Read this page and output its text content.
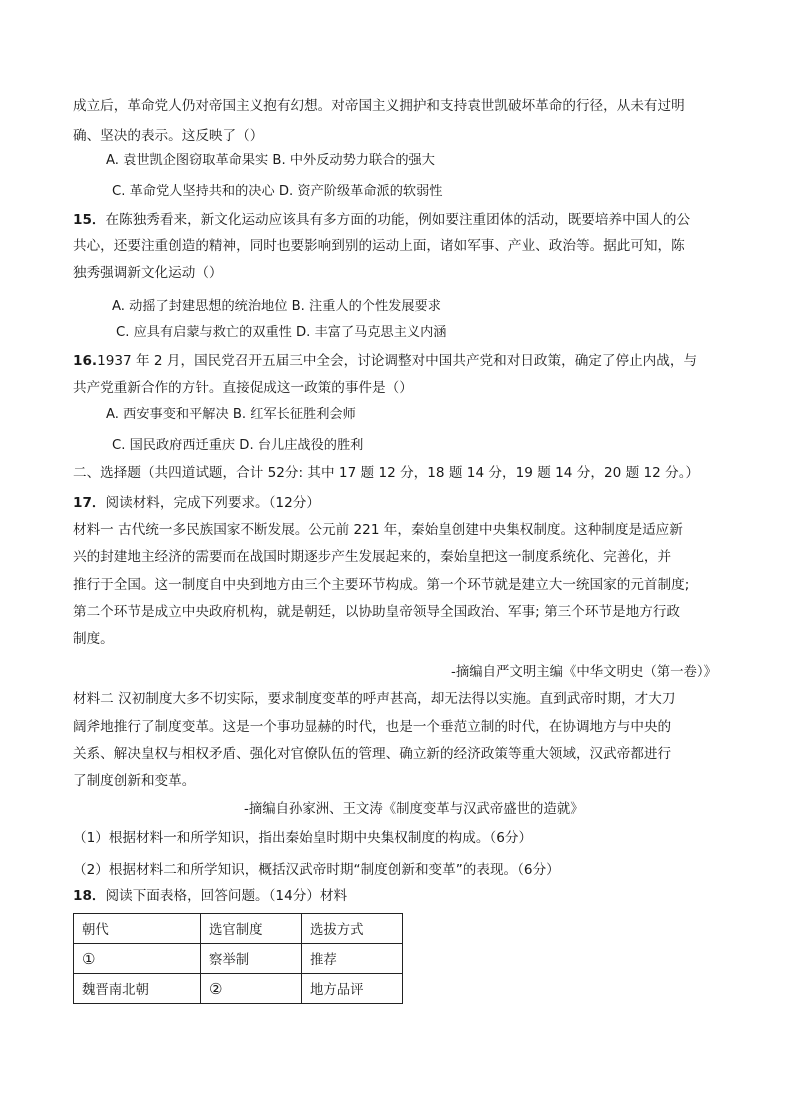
成立后，革命党人仍对帝国主义抱有幻想。对帝国主义拥护和支持袁世凯破坏革命的行径，从未有过明
确、坚决的表示。这反映了（）
A. 袁世凯企图窃取革命果实 B. 中外反动势力联合的强大
C. 革命党人坚持共和的决心 D. 资产阶级革命派的软弱性
15．在陈独秀看来，新文化运动应该具有多方面的功能，例如要注重团体的活动，既要培养中国人的公
共心，还要注重创造的精神，同时也要影响到别的运动上面，诸如军事、产业、政治等。据此可知，陈
独秀强调新文化运动（）
A. 动摇了封建思想的统治地位 B. 注重人的个性发展要求
C. 应具有启蒙与救亡的双重性 D. 丰富了马克思主义内涵
16.1937 年 2 月，国民党召开五届三中全会，讨论调整对中国共产党和对日政策，确定了停止内战，与
共产党重新合作的方针。直接促成这一政策的事件是（）
A. 西安事变和平解决 B. 红军长征胜利会师
C. 国民政府西迁重庆 D. 台儿庄战役的胜利
二、选择题（共四道试题，合计 52分: 其中 17 题 12 分，18 题 14 分，19 题 14 分，20 题 12 分。）
17．阅读材料，完成下列要求。（12分）
材料一 古代统一多民族国家不断发展。公元前 221 年，秦始皇创建中央集权制度。这种制度是适应新
兴的封建地主经济的需要而在战国时期逐步产生发展起来的，秦始皇把这一制度系统化、完善化，并
推行于全国。这一制度自中央到地方由三个主要环节构成。第一个环节就是建立大一统国家的元首制度;
第二个环节是成立中央政府机构，就是朝廷，以协助皇帝领导全国政治、军事; 第三个环节是地方行政
制度。
-摘编自严文明主编《中华文明史（第一卷）》
材料二 汉初制度大多不切实际，要求制度变革的呼声甚高，却无法得以实施。直到武帝时期，才大刀
阔斧地推行了制度变革。这是一个事功显赫的时代，也是一个垂范立制的时代，在协调地方与中央的
关系、解决皇权与相权矛盾、强化对官僚队伍的管理、确立新的经济政策等重大领域，汉武帝都进行
了制度创新和变革。
-摘编自孙家洲、王文涛《制度变革与汉武帝盛世的造就》
（1）根据材料一和所学知识，指出秦始皇时期中央集权制度的构成。（6分）
（2）根据材料二和所学知识，概括汉武帝时期“制度创新和变革”的表现。（6分）
18．阅读下面表格，回答问题。（14分）材料
朝代	选官制度	选拔方式
①	察举制	推荐
魏晋南北朝	②	地方品评
